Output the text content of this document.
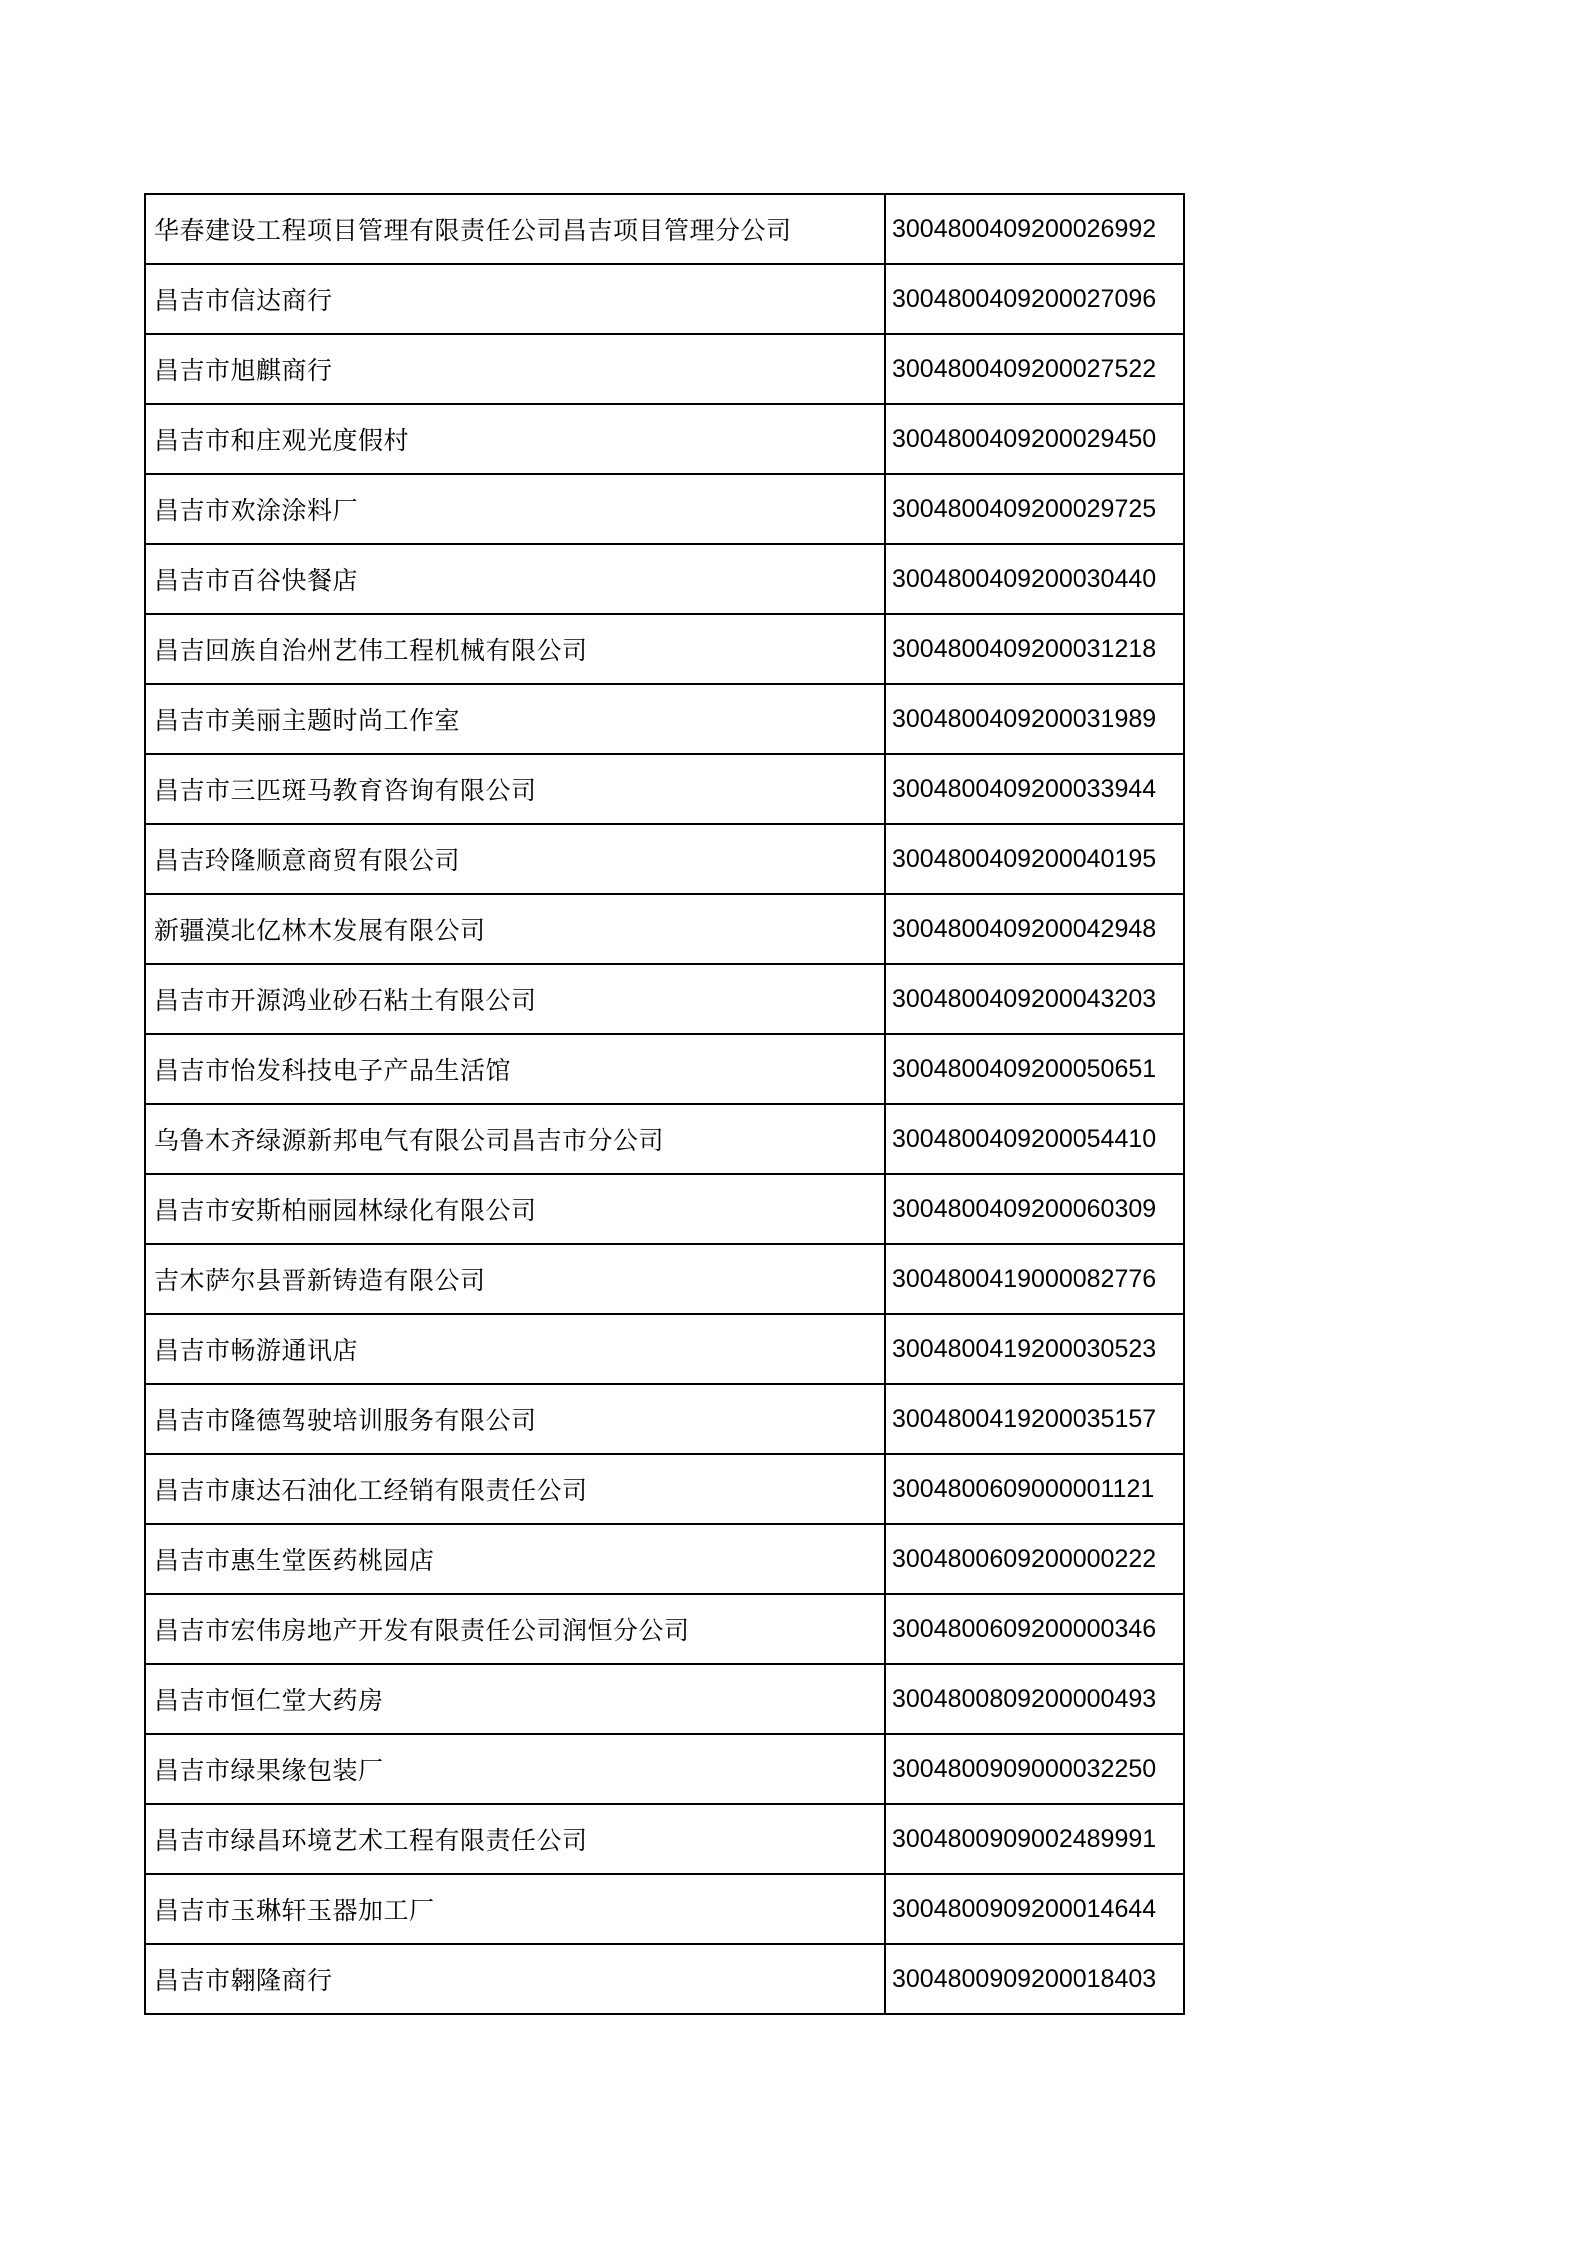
华春建设工程项目管理有限责任公司昌吉项目管理分公司	3004800409200026992
昌吉市信达商行	3004800409200027096
昌吉市旭麒商行	3004800409200027522
昌吉市和庄观光度假村	3004800409200029450
昌吉市欢涂涂料厂	3004800409200029725
昌吉市百谷快餐店	3004800409200030440
昌吉回族自治州艺伟工程机械有限公司	3004800409200031218
昌吉市美丽主题时尚工作室	3004800409200031989
昌吉市三匹斑马教育咨询有限公司	3004800409200033944
昌吉玲隆顺意商贸有限公司	3004800409200040195
新疆漠北亿林木发展有限公司	3004800409200042948
昌吉市开源鸿业砂石粘土有限公司	3004800409200043203
昌吉市怡发科技电子产品生活馆	3004800409200050651
乌鲁木齐绿源新邦电气有限公司昌吉市分公司	3004800409200054410
昌吉市安斯柏丽园林绿化有限公司	3004800409200060309
吉木萨尔县晋新铸造有限公司	3004800419000082776
昌吉市畅游通讯店	3004800419200030523
昌吉市隆德驾驶培训服务有限公司	3004800419200035157
昌吉市康达石油化工经销有限责任公司	3004800609000001121
昌吉市惠生堂医药桃园店	3004800609200000222
昌吉市宏伟房地产开发有限责任公司润恒分公司	3004800609200000346
昌吉市恒仁堂大药房	3004800809200000493
昌吉市绿果缘包装厂	3004800909000032250
昌吉市绿昌环境艺术工程有限责任公司	3004800909002489991
昌吉市玉琳轩玉器加工厂	3004800909200014644
昌吉市翱隆商行	3004800909200018403
